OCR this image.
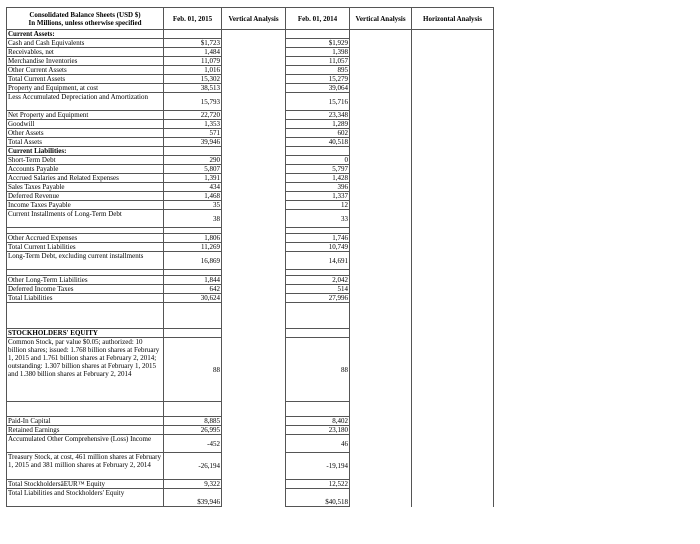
Consolidated Balance Sheets (USD $)
In Millions, unless otherwise specified	Feb. 01, 2015	Vertical Analysis	Feb. 01, 2014	Vertical Analysis	Horizontal Analysis
Current Assets:					
Cash and Cash Equivalents	$1,723		$1,929		
Receivables, net	1,484		1,398		
Merchandise Inventories	11,079		11,057		
Other Current Assets	1,016		895		
Total Current Assets	15,302		15,279		
Property and Equipment, at cost	38,513		39,064		
Less Accumulated Depreciation and Amortization	15,793		15,716		
Net Property and Equipment	22,720		23,348		
Goodwill	1,353		1,289		
Other Assets	571		602		
Total Assets	39,946		40,518		
Current Liabilities:					
Short-Term Debt	290		0		
Accounts Payable	5,807		5,797		
Accrued Salaries and Related Expenses	1,391		1,428		
Sales Taxes Payable	434		396		
Deferred Revenue	1,468		1,337		
Income Taxes Payable	35		12		
Current Installments of Long-Term Debt	38		33		

Other Accrued Expenses	1,806		1,746		
Total Current Liabilities	11,269		10,749		
Long-Term Debt, excluding current installments	16,869		14,691		

Other Long-Term Liabilities	1,844		2,042		
Deferred Income Taxes	642		514		
Total Liabilities	30,624		27,996		

STOCKHOLDERS' EQUITY					
Common Stock, par value $0.05; authorized: 10 billion shares; issued: 1.768 billion shares at February 1, 2015 and 1.761 billion shares at February 2, 2014; outstanding: 1.307 billion shares at February 1, 2015 and 1.380 billion shares at February 2, 2014	88		88		

Paid-In Capital	8,885		8,402		
Retained Earnings	26,995		23,180		
Accumulated Other Comprehensive (Loss) Income	-452		46		
Treasury Stock, at cost, 461 million shares at February 1, 2015 and 381 million shares at February 2, 2014	-26,194		-19,194		
Total StockholdersâEUR™ Equity	9,322		12,522		
Total Liabilities and Stockholders' Equity	$39,946		$40,518		
